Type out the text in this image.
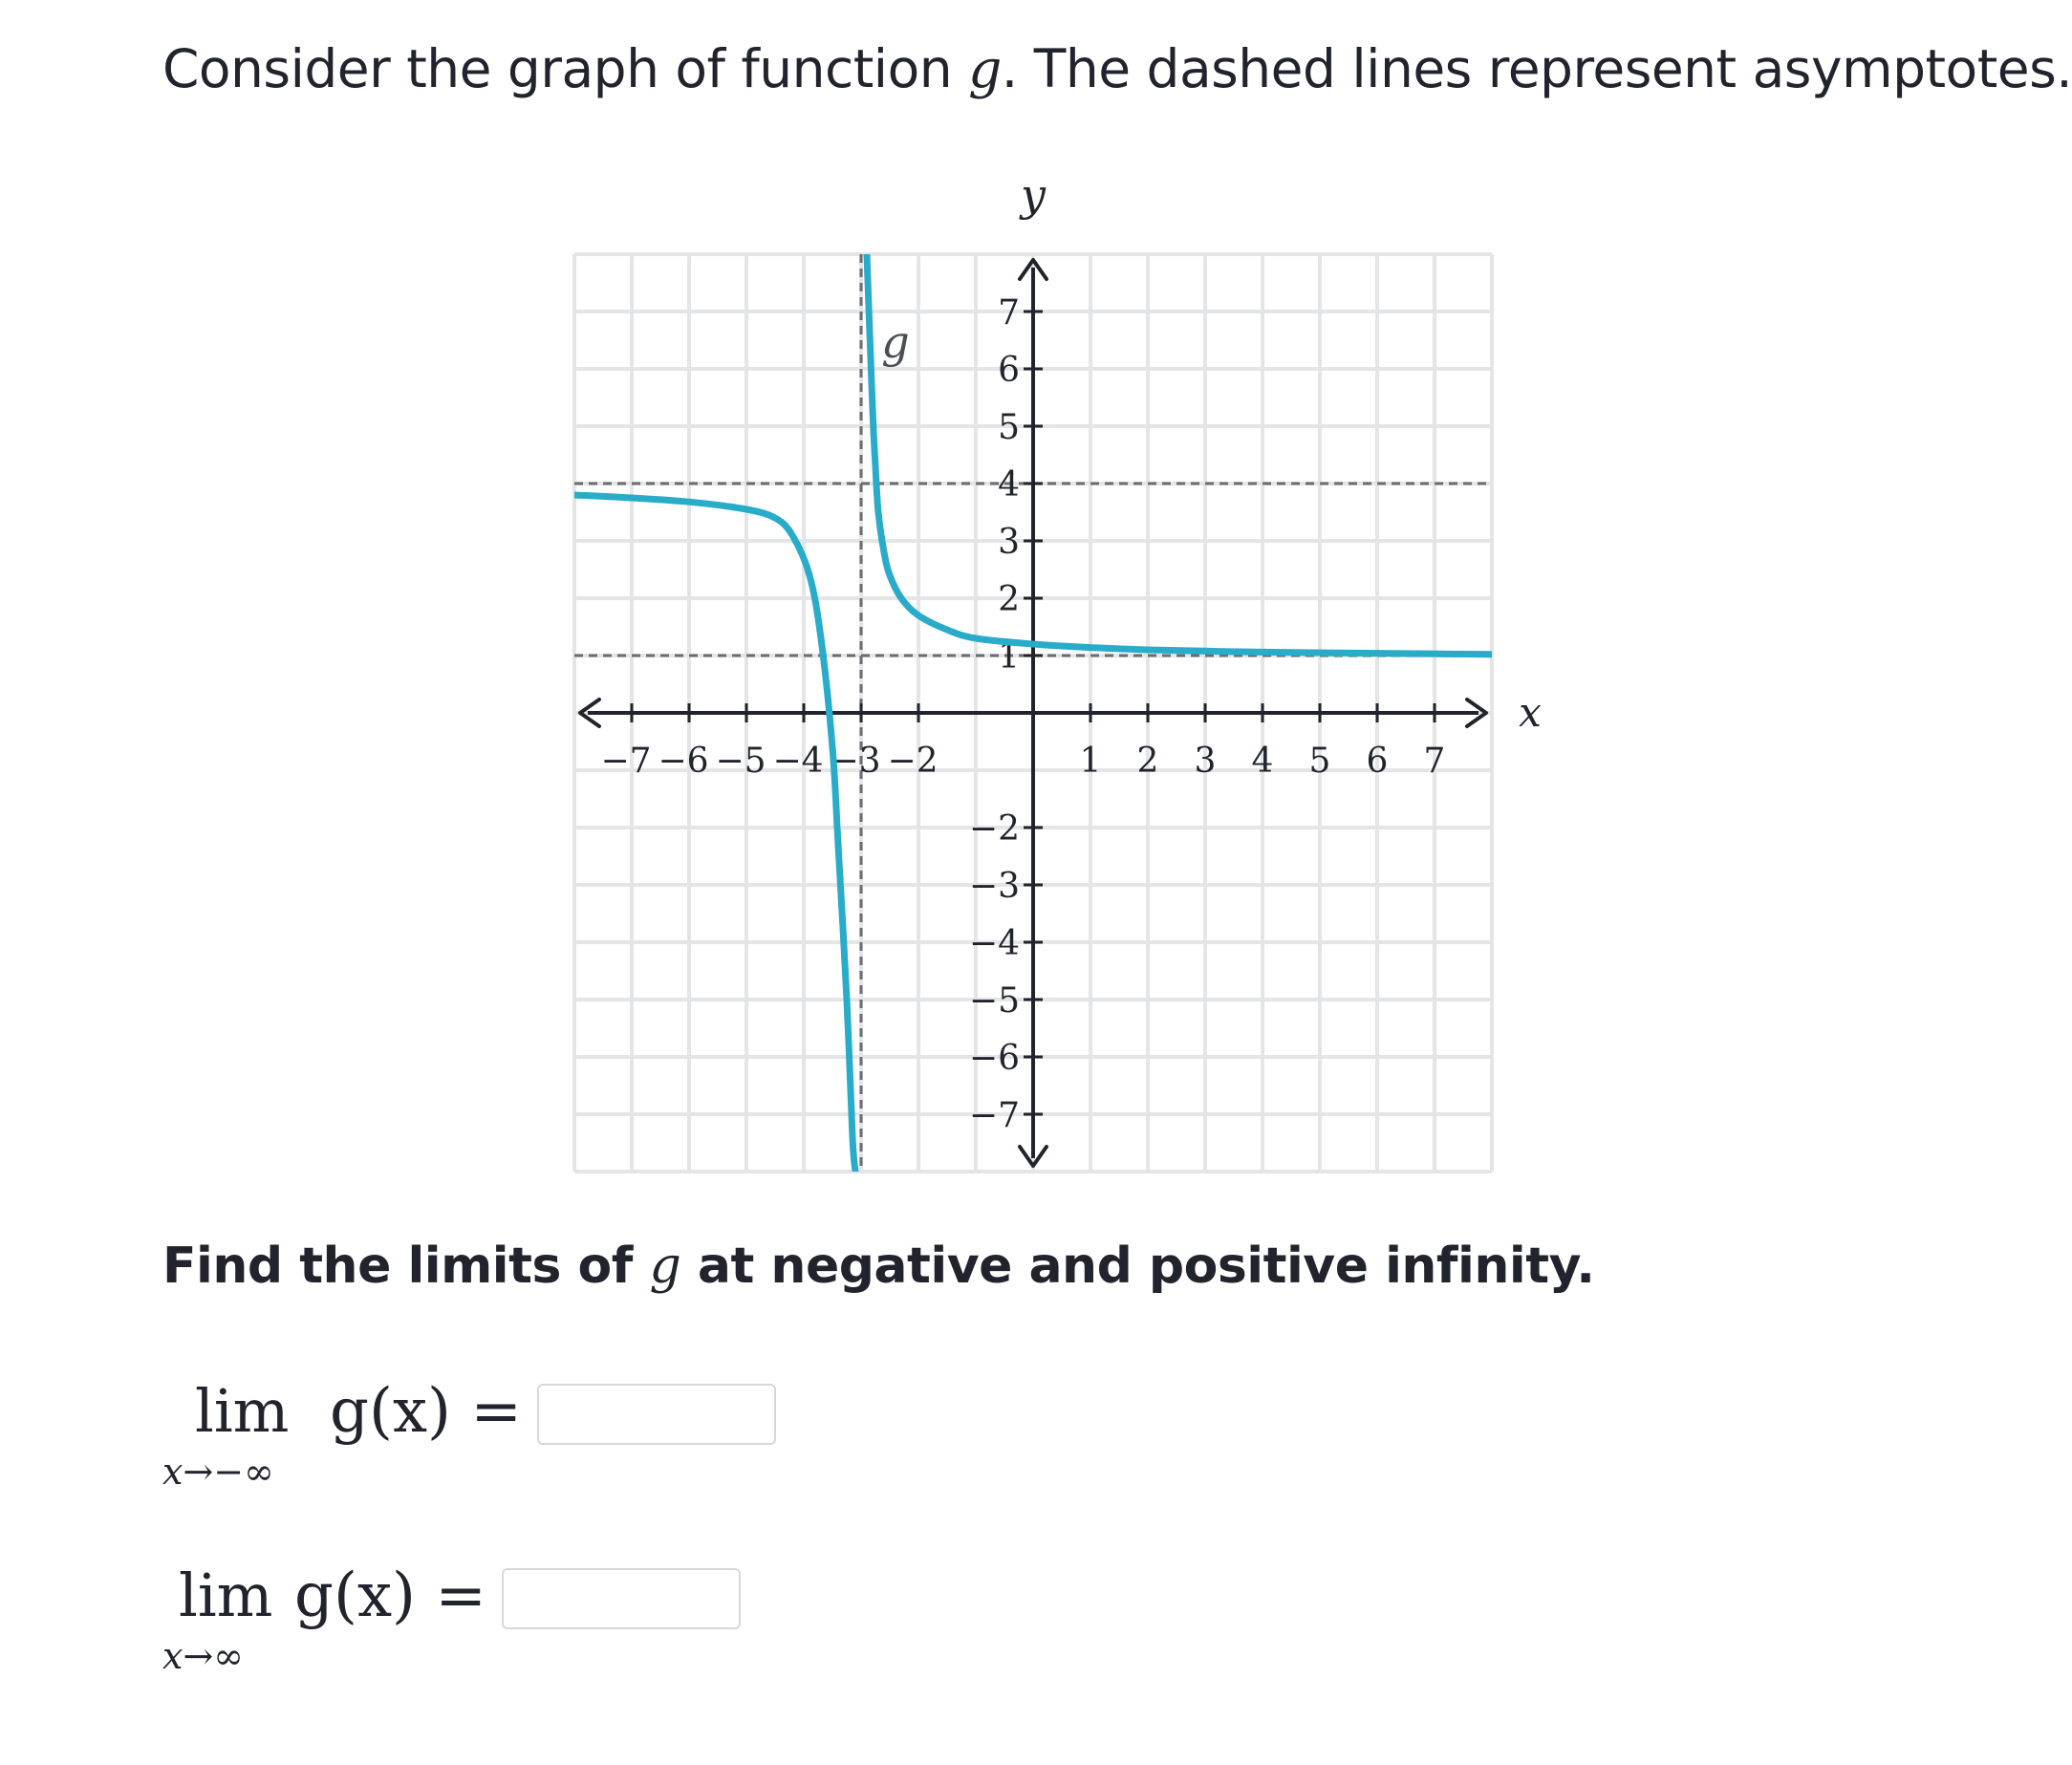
Consider the graph of function g. The dashed lines represent asymptotes.
−7 −6 −5 −4 −3 −2	1 2 3 4 5 6 7
7
6
5
4
3
2
1
−2
−3
−4
−5
−6
−7
x
y
g
Find the limits of g at negative and positive infinity.
lim
x→−∞
g(x) =
lim
x→∞
g(x) =
